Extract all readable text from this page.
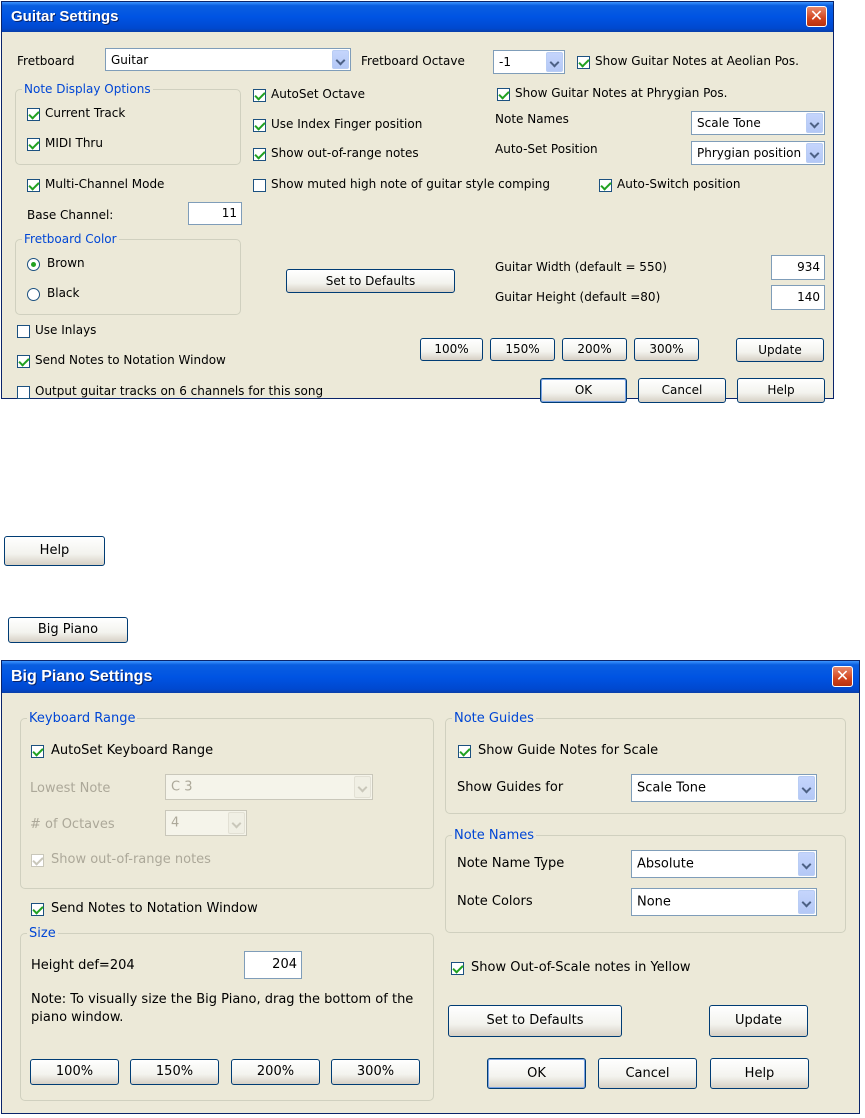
Guitar Settings	✕
Fretboard	Guitar	Fretboard Octave	-1	Show Guitar Notes at Aeolian Pos.
Note Display Options
Current Track
MIDI Thru
AutoSet Octave	Show Guitar Notes at Phrygian Pos.
Use Index Finger position	Note Names	Scale Tone
Show out-of-range notes	Auto-Set Position	Phrygian position
Multi-Channel Mode	Show muted high note of guitar style comping	Auto-Switch position
Base Channel:	11
Fretboard Color
Brown
Black
Set to Defaults
Guitar Width (default = 550)	934
Guitar Height (default =80)	140
Use Inlays
Send Notes to Notation Window
Output guitar tracks on 6 channels for this song
100%	150%	200%	300%	Update
OK	Cancel	Help
Help
Big Piano
Big Piano Settings	✕
Keyboard Range
AutoSet Keyboard Range
Lowest Note	C 3
# of Octaves	4
Show out-of-range notes
Send Notes to Notation Window
Size
Height def=204	204
Note: To visually size the Big Piano, drag the bottom of the piano window.
100%	150%	200%	300%
Note Guides
Show Guide Notes for Scale
Show Guides for	Scale Tone
Note Names
Note Name Type	Absolute
Note Colors	None
Show Out-of-Scale notes in Yellow
Set to Defaults	Update
OK	Cancel	Help
